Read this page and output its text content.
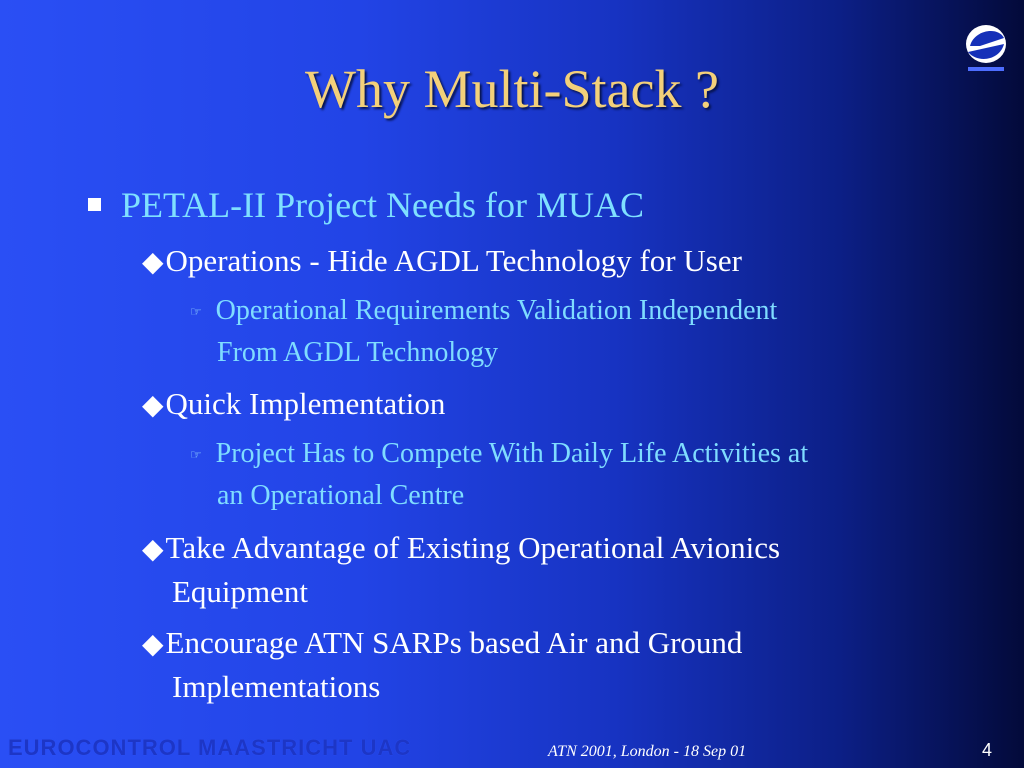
Why Multi-Stack ?
PETAL-II Project Needs for MUAC
◆Operations - Hide AGDL Technology for User
☞ Operational Requirements Validation Independent
From AGDL Technology
◆Quick Implementation
☞ Project Has to Compete With Daily Life Activities at
an Operational Centre
◆Take Advantage of Existing Operational Avionics
Equipment
◆Encourage ATN SARPs based Air and Ground
Implementations
EUROCONTROL MAASTRICHT UAC	ATN 2001, London - 18 Sep 01	4
